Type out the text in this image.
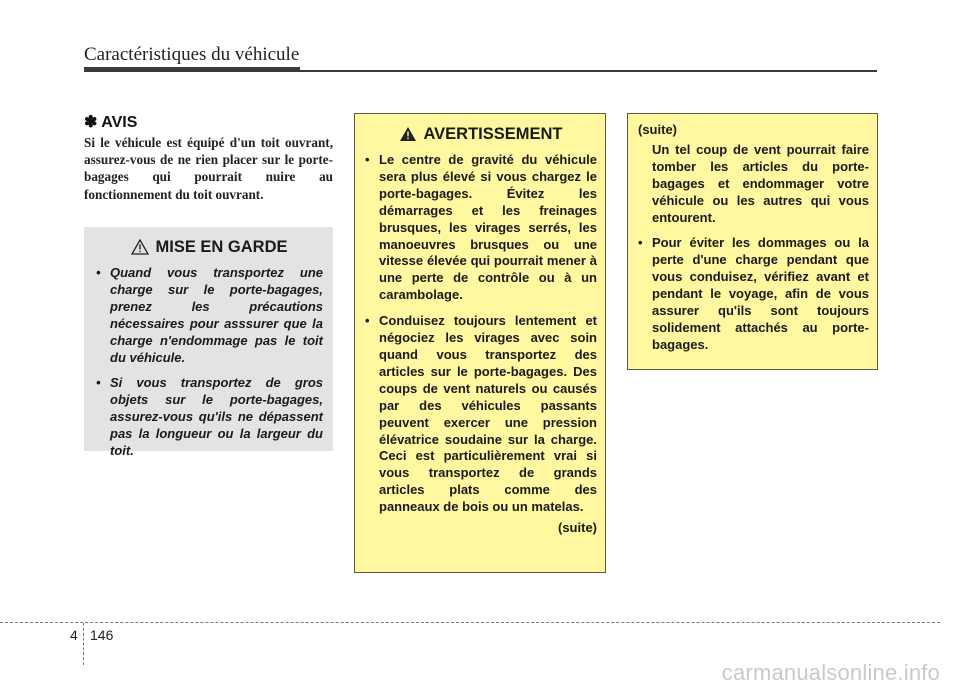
Caractéristiques du véhicule
✽ AVIS

Si le véhicule est équipé d'un toit ouvrant, assurez-vous de ne rien placer sur le porte-bagages qui pourrait nuire au fonctionnement du toit ouvrant.

MISE EN GARDE
• Quand vous transportez une charge sur le porte-bagages, prenez les précautions nécessaires pour asssurer que la charge n'endommage pas le toit du véhicule.
• Si vous transportez de gros objets sur le porte-bagages, assurez-vous qu'ils ne dépassent pas la longueur ou la largeur du toit.
AVERTISSEMENT
• Le centre de gravité du véhicule sera plus élevé si vous chargez le porte-bagages. Évitez les démarrages et les freinages brusques, les virages serrés, les manoeuvres brusques ou une vitesse élevée qui pourrait mener à une perte de contrôle ou à un carambolage.
• Conduisez toujours lentement et négociez les virages avec soin quand vous transportez des articles sur le porte-bagages. Des coups de vent naturels ou causés par des véhicules passants peuvent exercer une pression élévatrice soudaine sur la charge. Ceci est particulièrement vrai si vous transportez de grands articles plats comme des panneaux de bois ou un matelas.
(suite)

(suite)

Un tel coup de vent pourrait faire tomber les articles du porte-bagages et endommager votre véhicule ou les autres qui vous entourent.

• Pour éviter les dommages ou la perte d'une charge pendant que vous conduisez, vérifiez avant et pendant le voyage, afin de vous assurer qu'ils sont toujours solidement attachés au porte-bagages.
4 146
carmanualsonline.info
